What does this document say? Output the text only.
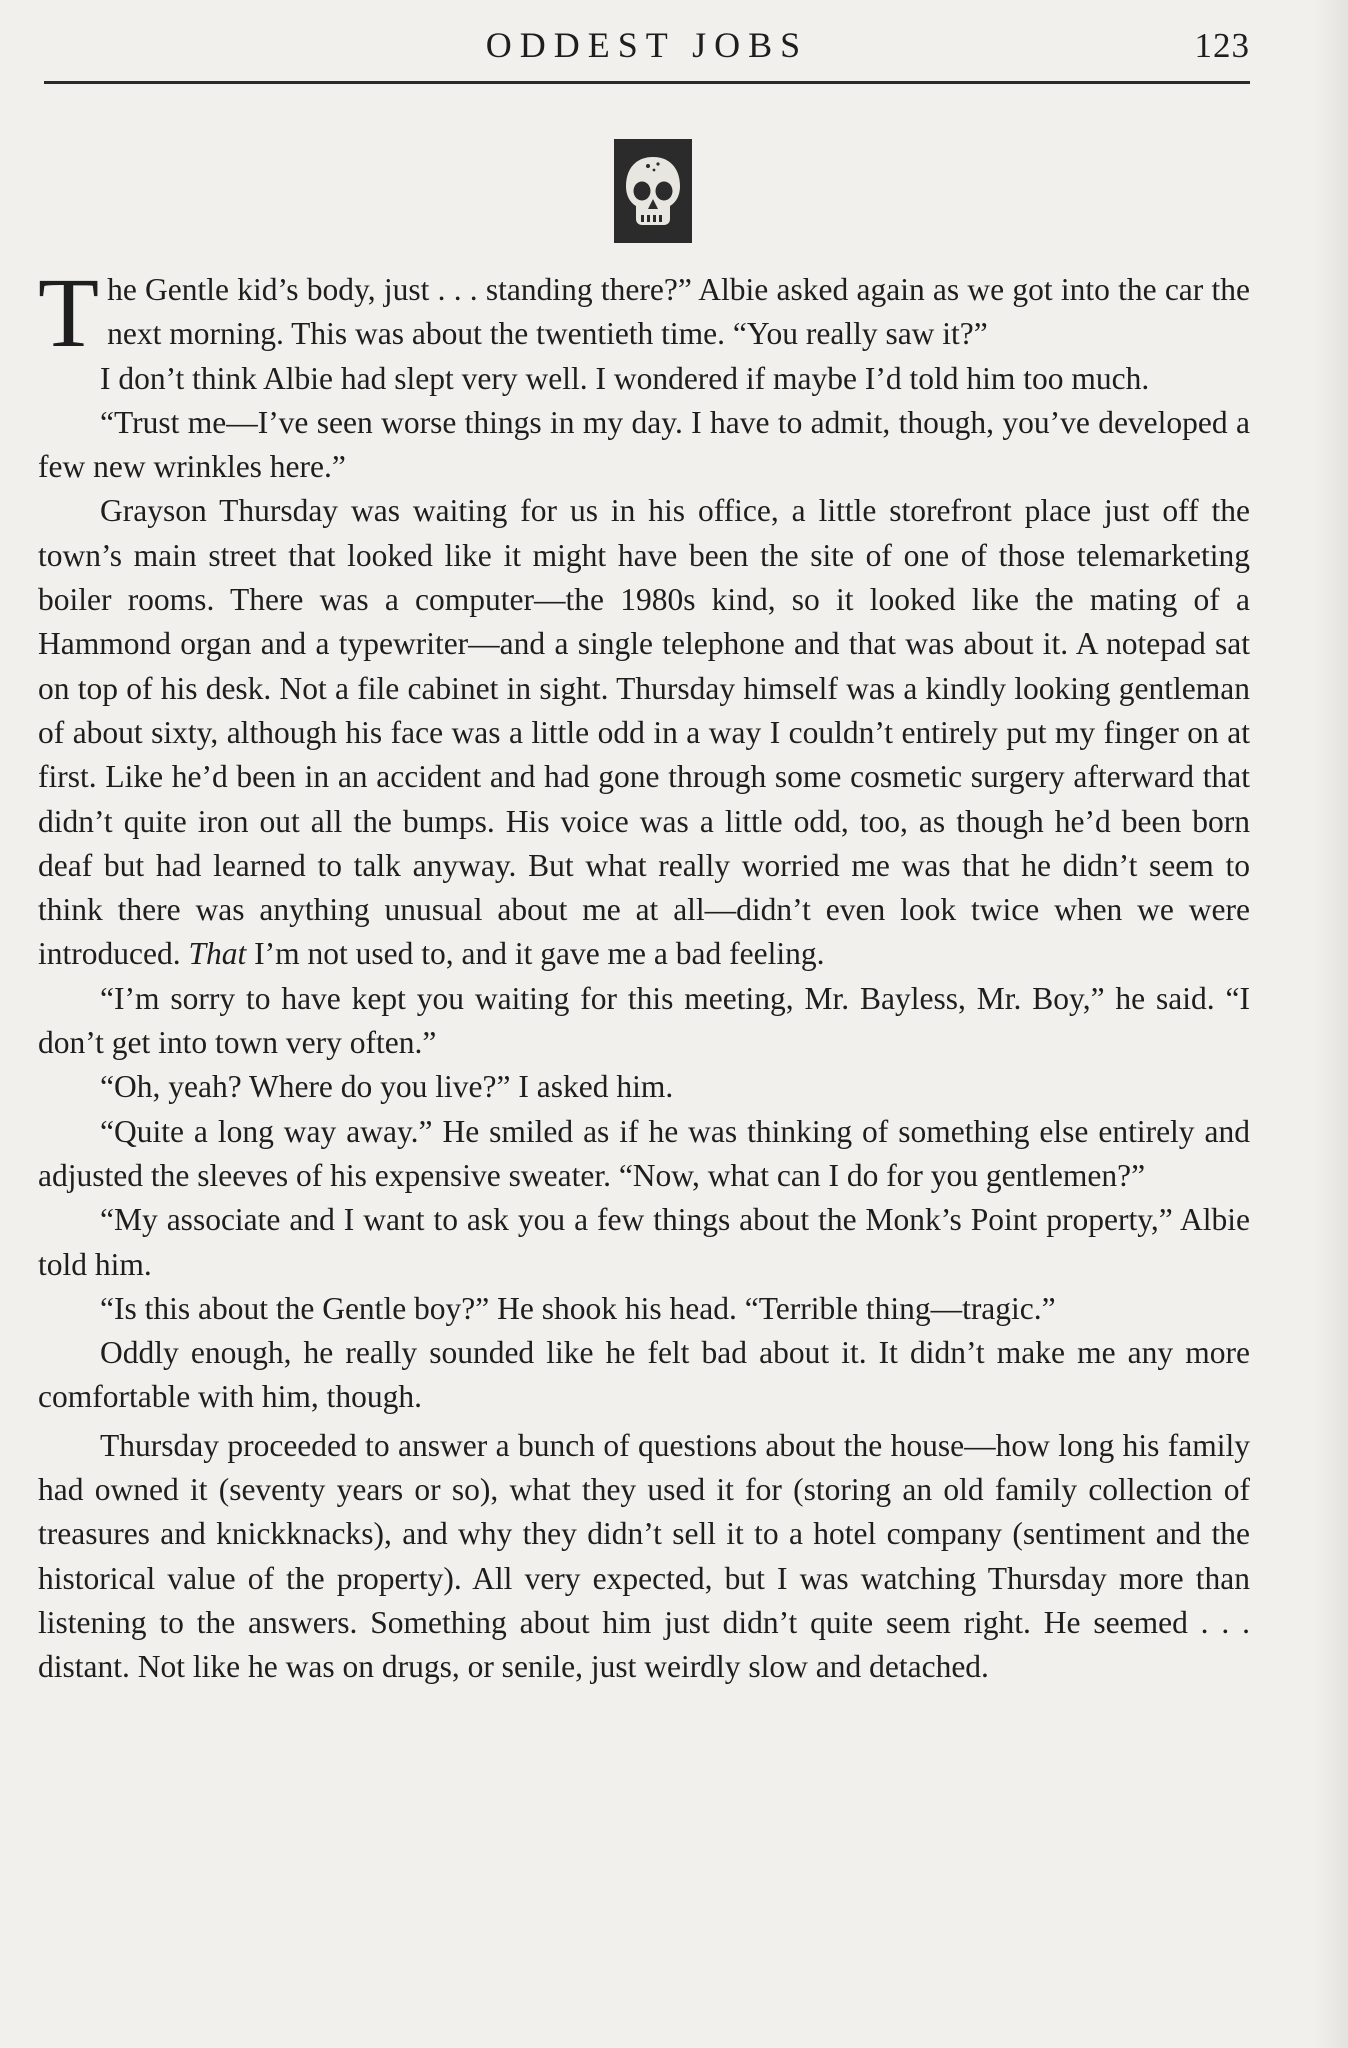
ODDEST JOBS	123

The Gentle kid’s body, just . . . standing there?” Albie asked again as we got into the car the next morning. This was about the twentieth time. “You really saw it?”

I don’t think Albie had slept very well. I wondered if maybe I’d told him too much.

“Trust me—I’ve seen worse things in my day. I have to admit, though, you’ve developed a few new wrinkles here.”

Grayson Thursday was waiting for us in his office, a little storefront place just off the town’s main street that looked like it might have been the site of one of those telemarketing boiler rooms. There was a computer—the 1980s kind, so it looked like the mating of a Hammond organ and a typewriter—and a single telephone and that was about it. A notepad sat on top of his desk. Not a file cabinet in sight. Thursday himself was a kindly looking gentleman of about sixty, although his face was a little odd in a way I couldn’t entirely put my finger on at first. Like he’d been in an accident and had gone through some cosmetic surgery afterward that didn’t quite iron out all the bumps. His voice was a little odd, too, as though he’d been born deaf but had learned to talk anyway. But what really worried me was that he didn’t seem to think there was anything unusual about me at all—didn’t even look twice when we were introduced. That I’m not used to, and it gave me a bad feeling.

“I’m sorry to have kept you waiting for this meeting, Mr. Bayless, Mr. Boy,” he said. “I don’t get into town very often.”

“Oh, yeah? Where do you live?” I asked him.

“Quite a long way away.” He smiled as if he was thinking of something else entirely and adjusted the sleeves of his expensive sweater. “Now, what can I do for you gentlemen?”

“My associate and I want to ask you a few things about the Monk’s Point property,” Albie told him.

“Is this about the Gentle boy?” He shook his head. “Terrible thing—tragic.”

Oddly enough, he really sounded like he felt bad about it. It didn’t make me any more comfortable with him, though.

Thursday proceeded to answer a bunch of questions about the house—how long his family had owned it (seventy years or so), what they used it for (storing an old family collection of treasures and knickknacks), and why they didn’t sell it to a hotel company (sentiment and the historical value of the property). All very expected, but I was watching Thursday more than listening to the answers. Something about him just didn’t quite seem right. He seemed . . . distant. Not like he was on drugs, or senile, just weirdly slow and detached.
